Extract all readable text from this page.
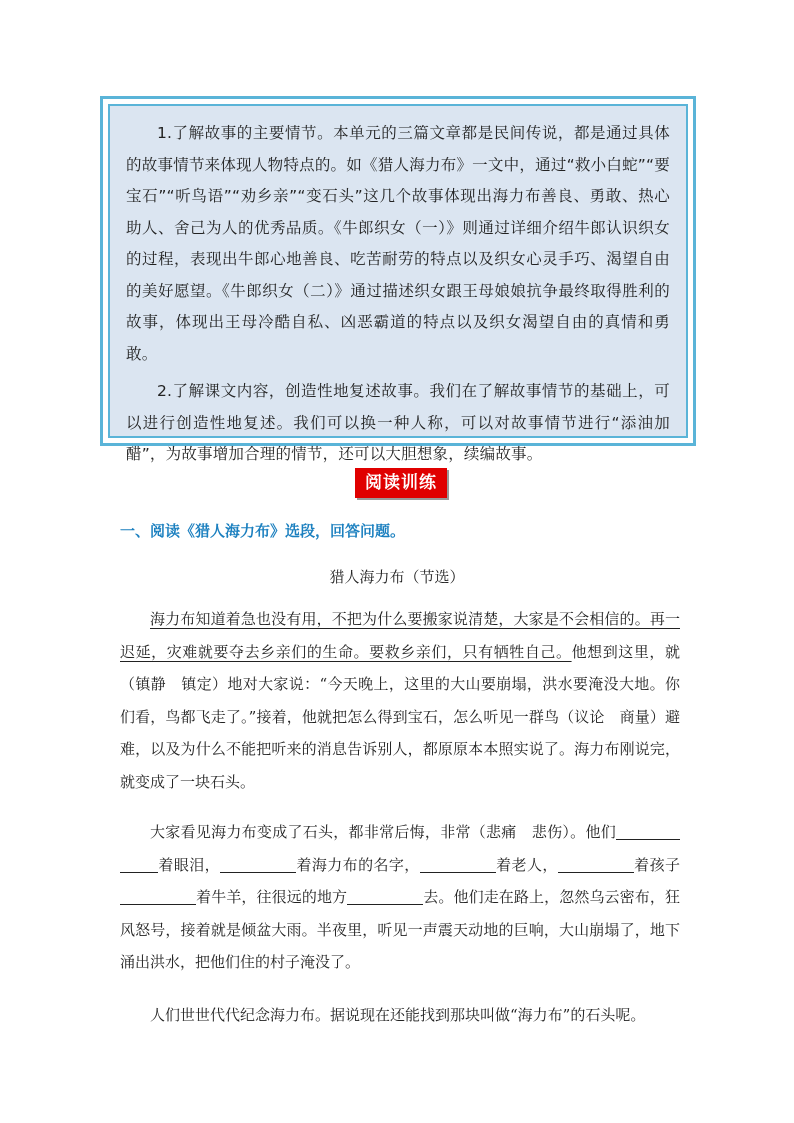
1.了解故事的主要情节。本单元的三篇文章都是民间传说，都是通过具体的故事情节来体现人物特点的。如《猎人海力布》一文中，通过“救小白蛇”“要宝石”“听鸟语”“劝乡亲”“变石头”这几个故事体现出海力布善良、勇敢、热心助人、舍己为人的优秀品质。《牛郎织女（一）》则通过详细介绍牛郎认识织女的过程，表现出牛郎心地善良、吃苦耐劳的特点以及织女心灵手巧、渴望自由的美好愿望。《牛郎织女（二）》通过描述织女跟王母娘娘抗争最终取得胜利的故事，体现出王母冷酷自私、凶恶霸道的特点以及织女渴望自由的真情和勇敢。

2.了解课文内容，创造性地复述故事。我们在了解故事情节的基础上，可以进行创造性地复述。我们可以换一种人称，可以对故事情节进行“添油加醋”，为故事增加合理的情节，还可以大胆想象，续编故事。

阅读训练
一、阅读《猎人海力布》选段，回答问题。
猎人海力布（节选）

海力布知道着急也没有用，不把为什么要搬家说清楚，大家是不会相信的。再一迟延，灾难就要夺去乡亲们的生命。要救乡亲们，只有牺牲自己。他想到这里，就（镇静　镇定）地对大家说：“今天晚上，这里的大山要崩塌，洪水要淹没大地。你们看，鸟都飞走了。”接着，他就把怎么得到宝石，怎么听见一群鸟（议论　商量）避难，以及为什么不能把听来的消息告诉别人，都原原本本照实说了。海力布刚说完，就变成了一块石头。

大家看见海力布变成了石头，都非常后悔，非常（悲痛　悲伤）。他们着眼泪，	着海力布的名字，	着老人，	着孩子着牛羊，往很远的地方	去。他们走在路上，忽然乌云密布，狂风怒号，接着就是倾盆大雨。半夜里，听见一声震天动地的巨响，大山崩塌了，地下涌出洪水，把他们住的村子淹没了。

人们世世代代纪念海力布。据说现在还能找到那块叫做“海力布”的石头呢。
